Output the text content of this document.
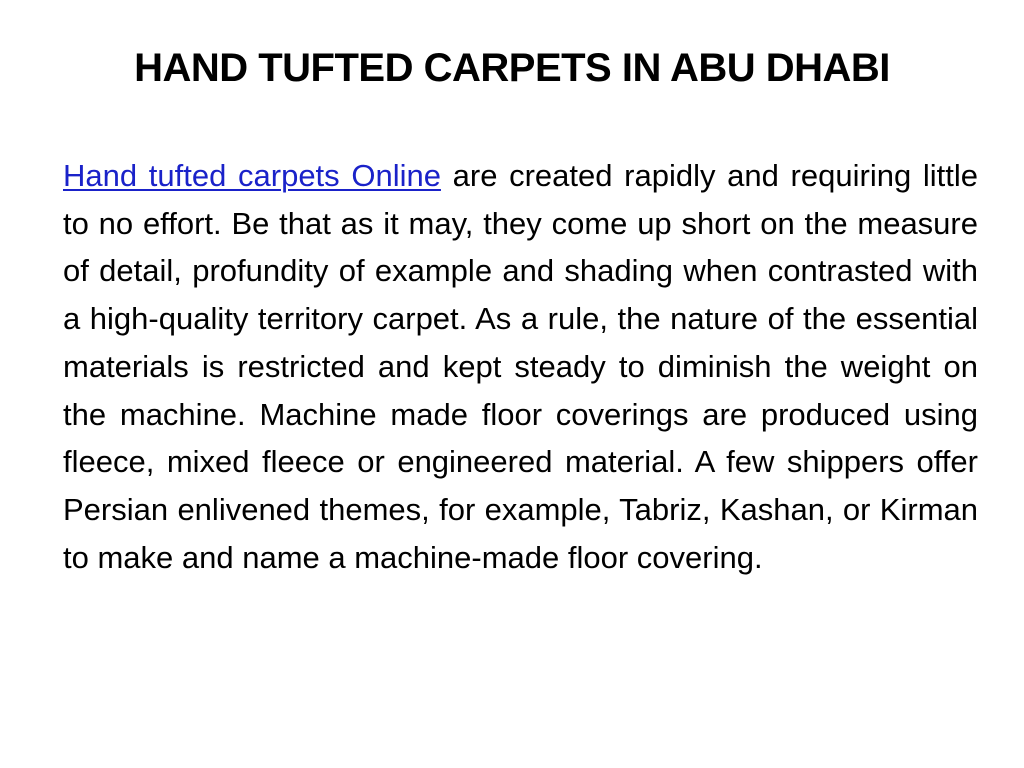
HAND TUFTED CARPETS IN ABU DHABI

Hand tufted carpets Online are created rapidly and requiring little to no effort. Be that as it may, they come up short on the measure of detail, profundity of example and shading when contrasted with a high-quality territory carpet. As a rule, the nature of the essential materials is restricted and kept steady to diminish the weight on the machine. Machine made floor coverings are produced using fleece, mixed fleece or engineered material. A few shippers offer Persian enlivened themes, for example, Tabriz, Kashan, or Kirman to make and name a machine-made floor covering.
